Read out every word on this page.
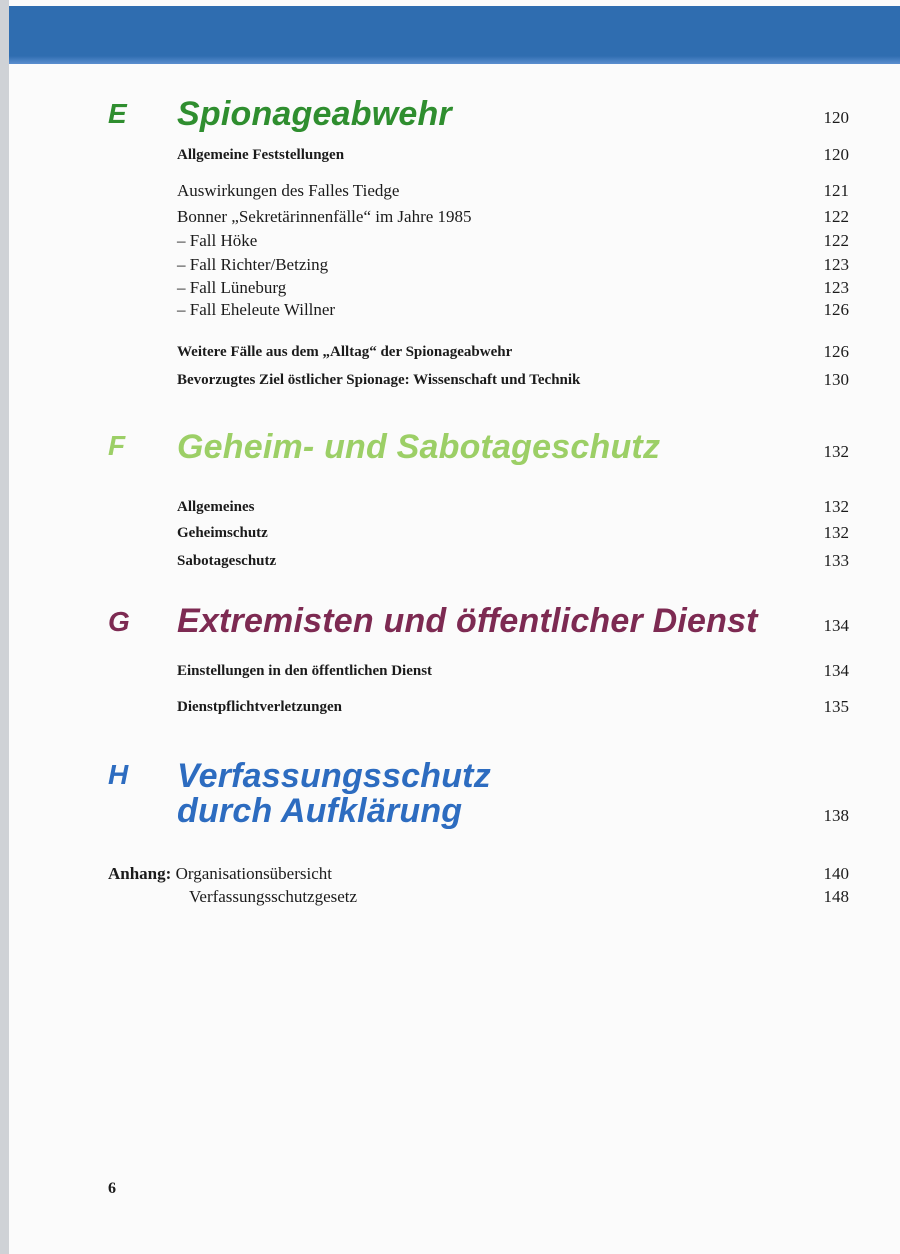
E Spionageabwehr	120
Allgemeine Feststellungen	120
Auswirkungen des Falles Tiedge	121
Bonner „Sekretärinnenfälle“ im Jahre 1985	122
– Fall Höke	122
– Fall Richter/Betzing	123
– Fall Lüneburg	123
– Fall Eheleute Willner	126
Weitere Fälle aus dem „Alltag“ der Spionageabwehr	126
Bevorzugtes Ziel östlicher Spionage: Wissenschaft und Technik	130
F Geheim- und Sabotageschutz	132
Allgemeines	132
Geheimschutz	132
Sabotageschutz	133
G Extremisten und öffentlicher Dienst	134
Einstellungen in den öffentlichen Dienst	134
Dienstpflichtverletzungen	135
H Verfassungsschutz
durch Aufklärung	138
Anhang: Organisationsübersicht	140
Verfassungsschutzgesetz	148
6
